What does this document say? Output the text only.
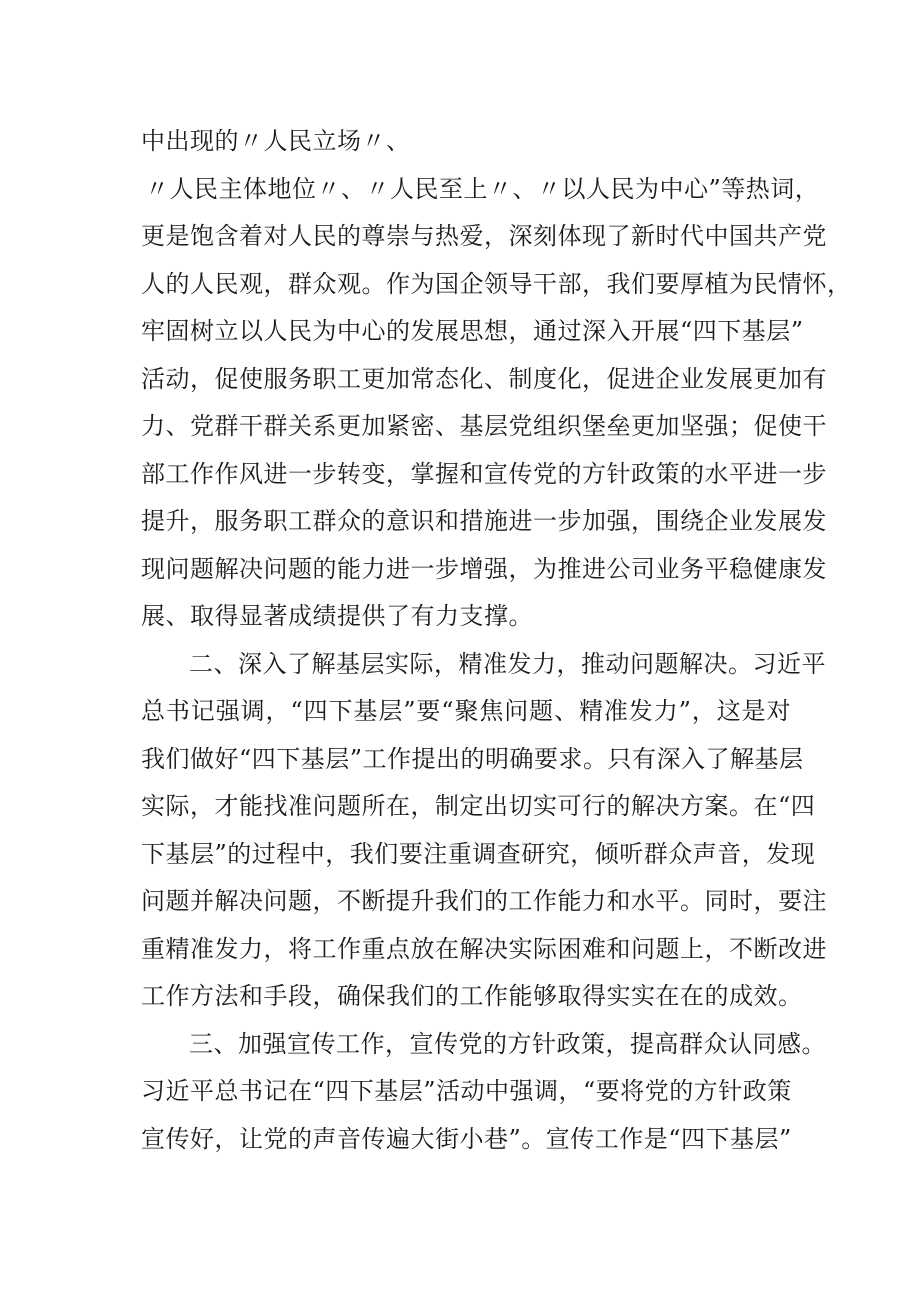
中出现的〃人民立场〃、
〃人民主体地位〃、〃人民至上〃、〃以人民为中心”等热词，
更是饱含着对人民的尊崇与热爱，深刻体现了新时代中国共产党
人的人民观，群众观。作为国企领导干部，我们要厚植为民情怀，
牢固树立以人民为中心的发展思想，通过深入开展“四下基层”
活动，促使服务职工更加常态化、制度化，促进企业发展更加有
力、党群干群关系更加紧密、基层党组织堡垒更加坚强；促使干
部工作作风进一步转变，掌握和宣传党的方针政策的水平进一步
提升，服务职工群众的意识和措施进一步加强，围绕企业发展发
现问题解决问题的能力进一步增强，为推进公司业务平稳健康发
展、取得显著成绩提供了有力支撑。
二、深入了解基层实际，精准发力，推动问题解决。习近平
总书记强调，“四下基层”要“聚焦问题、精准发力”，这是对
我们做好“四下基层”工作提出的明确要求。只有深入了解基层
实际，才能找准问题所在，制定出切实可行的解决方案。在“四
下基层”的过程中，我们要注重调查研究，倾听群众声音，发现
问题并解决问题，不断提升我们的工作能力和水平。同时，要注
重精准发力，将工作重点放在解决实际困难和问题上，不断改进
工作方法和手段，确保我们的工作能够取得实实在在的成效。
三、加强宣传工作，宣传党的方针政策，提高群众认同感。
习近平总书记在“四下基层”活动中强调，“要将党的方针政策
宣传好，让党的声音传遍大街小巷”。宣传工作是“四下基层”
